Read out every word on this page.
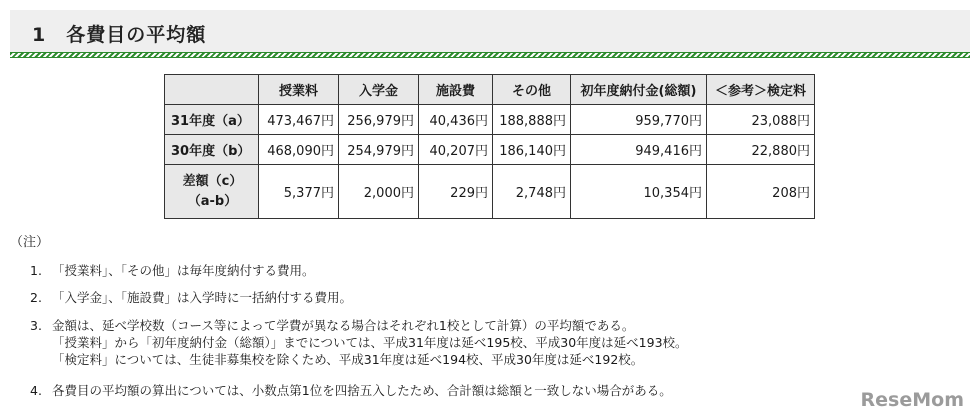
1　各費目の平均額
	授業料	入学金	施設費	その他	初年度納付金(総額)	＜参考＞検定料
31年度（a）	473,467円	256,979円	40,436円	188,888円	959,770円	23,088円
30年度（b）	468,090円	254,979円	40,207円	186,140円	949,416円	22,880円

差額（c）
（a-b）	5,377円	2,000円	229円	2,748円	10,354円	208円
（注）
1. 「授業料」、「その他」は毎年度納付する費用。
2. 「入学金」、「施設費」は入学時に一括納付する費用。
3. 金額は、延べ学校数（コース等によって学費が異なる場合はそれぞれ1校として計算）の平均額である。
「授業料」から「初年度納付金（総額）」までについては、平成31年度は延べ195校、平成30年度は延べ193校。
「検定料」については、生徒非募集校を除くため、平成31年度は延べ194校、平成30年度は延べ192校。
4. 各費目の平均額の算出については、小数点第1位を四捨五入したため、合計額は総額と一致しない場合がある。	ReseMom
